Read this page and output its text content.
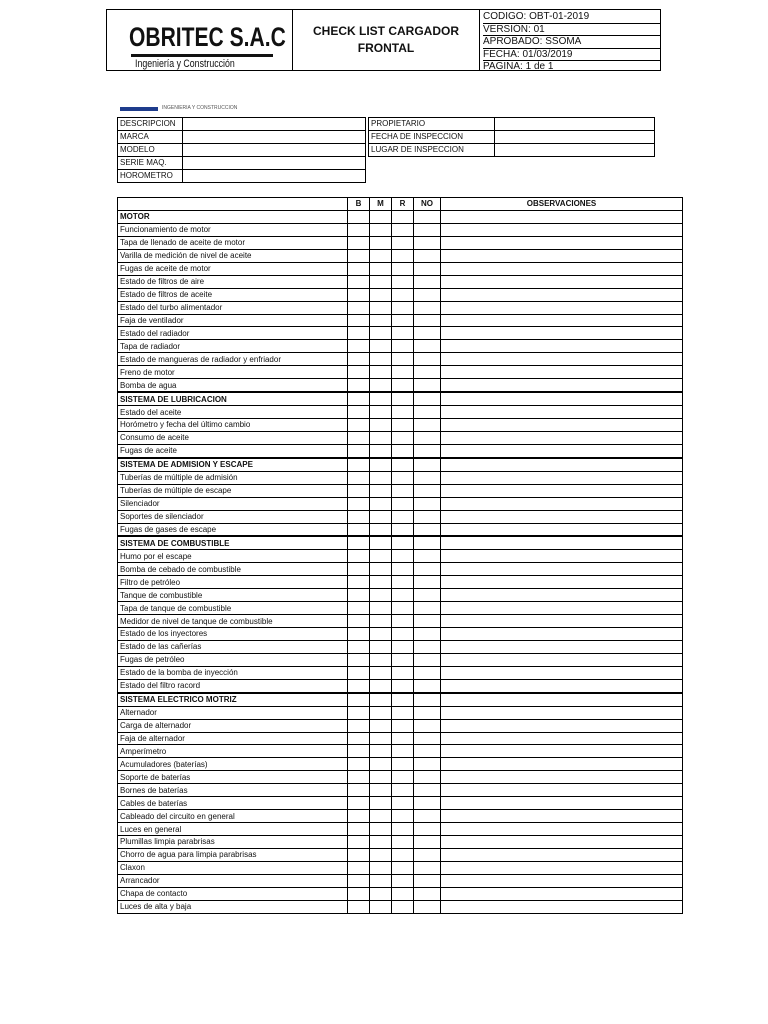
OBRITEC S.A.C
Ingeniería y Construcción
CHECK LIST CARGADOR
FRONTAL
CODIGO: OBT-01-2019
VERSIÓN: 01
APROBADO: SSOMA
FECHA: 01/03/2019
PAGINA: 1 de 1
INGENIERIA Y CONSTRUCCION
DESCRIPCION	
MARCA	
MODELO	
SERIE MAQ.	
HOROMETRO	
PROPIETARIO	
FECHA DE INSPECCION	
LUGAR DE INSPECCION	
	B	M	R	NO	OBSERVACIONES
MOTOR					
Funcionamiento de motor					
Tapa de llenado de aceite de motor					
Varilla de medición de nivel de aceite					
Fugas de aceite de motor					
Estado de filtros de aire					
Estado de filtros de aceite					
Estado del turbo alimentador					
Faja de ventilador					
Estado del radiador					
Tapa de radiador					
Estado de mangueras de radiador y enfriador					
Freno de motor					
Bomba de agua					
SISTEMA DE LUBRICACION					
Estado del aceite					
Horómetro y fecha del último cambio					
Consumo de aceite					
Fugas de aceite					
SISTEMA DE ADMISION Y ESCAPE					
Tuberías de múltiple de admisión					
Tuberías de múltiple de escape					
Silenciador					
Soportes de silenciador					
Fugas de gases de escape					
SISTEMA DE COMBUSTIBLE					
Humo por el escape					
Bomba de cebado de combustible					
Filtro de petróleo					
Tanque de combustible					
Tapa de tanque de combustible					
Medidor de nivel de tanque de combustible					
Estado de los inyectores					
Estado de las cañerías					
Fugas de petróleo					
Estado de la bomba de inyección					
Estado del filtro racord					
SISTEMA ELECTRICO MOTRIZ					
Alternador					
Carga de alternador					
Faja de alternador					
Amperímetro					
Acumuladores (baterías)					
Soporte de baterías					
Bornes de baterías					
Cables de baterías					
Cableado del circuito en general					
Luces en general					
Plumillas limpia parabrisas					
Chorro de agua para limpia parabrisas					
Claxon					
Arrancador					
Chapa de contacto					
Luces de alta y baja					
